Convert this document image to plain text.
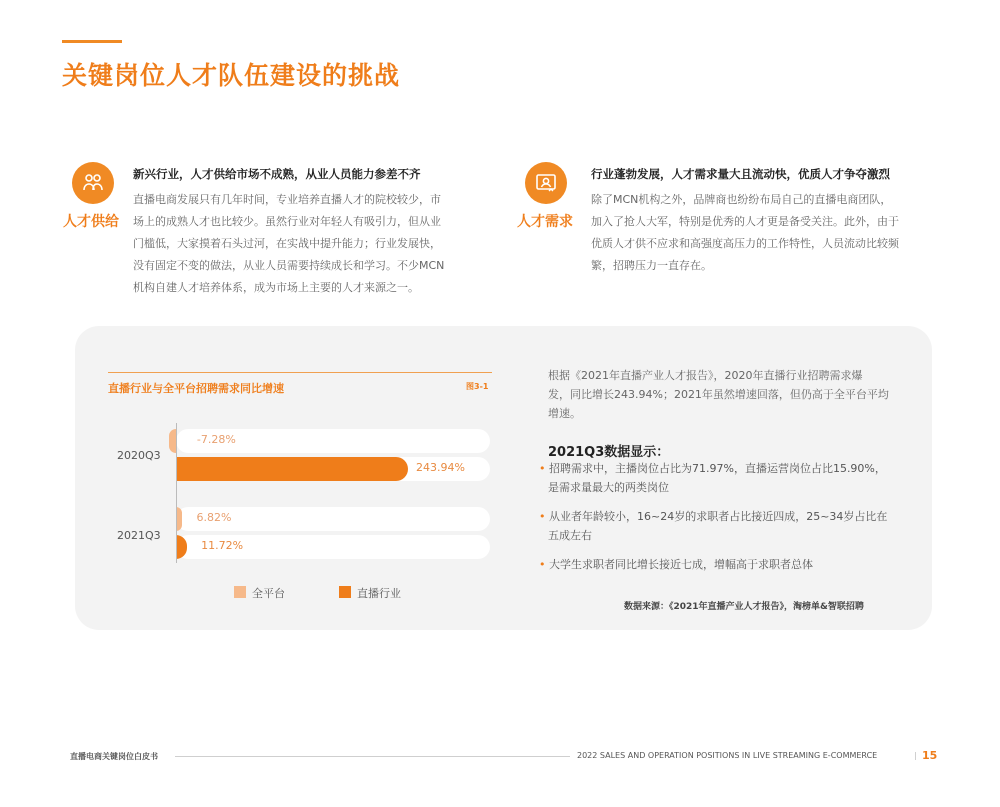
关键岗位人才队伍建设的挑战
人才供给
新兴行业，人才供给市场不成熟，从业人员能力参差不齐
直播电商发展只有几年时间，专业培养直播人才的院校较少，市
场上的成熟人才也比较少。虽然行业对年轻人有吸引力，但从业
门槛低，大家摸着石头过河，在实战中提升能力；行业发展快，
没有固定不变的做法，从业人员需要持续成长和学习。不少MCN
机构自建人才培养体系，成为市场上主要的人才来源之一。
人才需求
行业蓬勃发展，人才需求量大且流动快，优质人才争夺激烈
除了MCN机构之外，品牌商也纷纷布局自己的直播电商团队，
加入了抢人大军，特别是优秀的人才更是备受关注。此外，由于
优质人才供不应求和高强度高压力的工作特性，人员流动比较频
繁，招聘压力一直存在。
直播行业与全平台招聘需求同比增速	图3-1
2020Q3
2021Q3
-7.28%
243.94%
6.82%
11.72%
全平台	直播行业
根据《2021年直播产业人才报告》，2020年直播行业招聘需求爆
发，同比增长243.94%；2021年虽然增速回落，但仍高于全平台平均
增速。
2021Q3数据显示：
• 招聘需求中，主播岗位占比为71.97%，直播运营岗位占比15.90%，
是需求量最大的两类岗位
• 从业者年龄较小，16~24岁的求职者占比接近四成，25~34岁占比在
五成左右
• 大学生求职者同比增长接近七成，增幅高于求职者总体
数据来源：《2021年直播产业人才报告》，淘榜单&智联招聘
直播电商关键岗位白皮书	2022 SALES AND OPERATION POSITIONS IN LIVE STREAMING E-COMMERCE	| 15
